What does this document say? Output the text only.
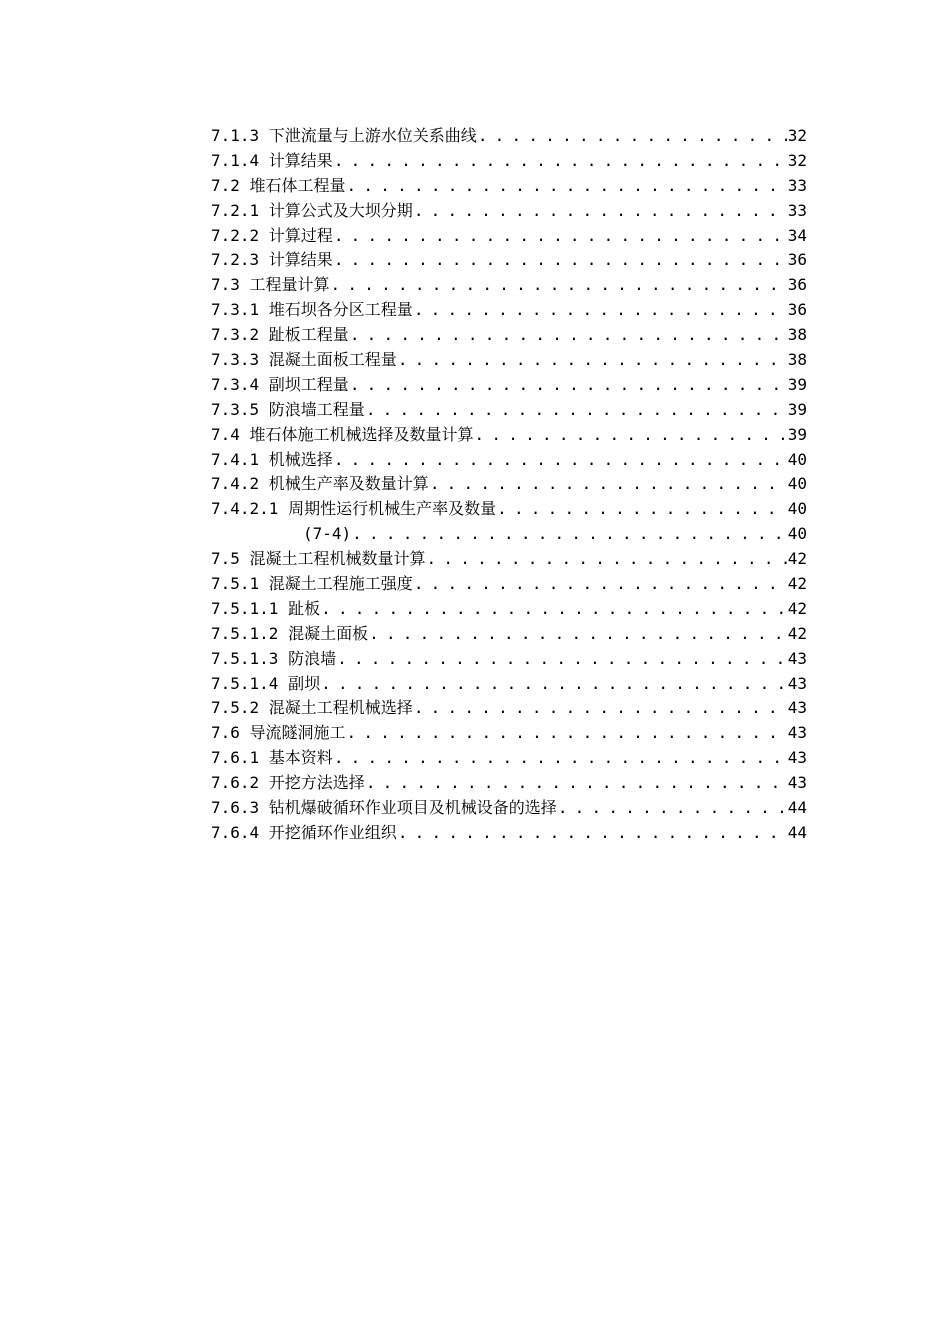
7.1.3 下泄流量与上游水位关系曲线 . . .	32
7.1.4 计算结果 . . .	32
7.2 堆石体工程量 . . .	33
7.2.1 计算公式及大坝分期 . . .	33
7.2.2 计算过程 . . .	34
7.2.3 计算结果 . . .	36
7.3 工程量计算 . . .	36
7.3.1 堆石坝各分区工程量 . . .	36
7.3.2 趾板工程量 . . .	38
7.3.3 混凝土面板工程量 . . .	38
7.3.4 副坝工程量 . . .	39
7.3.5 防浪墙工程量 . . .	39
7.4 堆石体施工机械选择及数量计算 . . .	39
7.4.1 机械选择 . . .	40
7.4.2 机械生产率及数量计算 . . .	40
7.4.2.1 周期性运行机械生产率及数量 . . .	40
(7-4) . . .	40
7.5 混凝土工程机械数量计算 . . .	42
7.5.1 混凝土工程施工强度 . . .	42
7.5.1.1 趾板 . . .	42
7.5.1.2 混凝土面板 . . .	42
7.5.1.3 防浪墙 . . .	43
7.5.1.4 副坝 . . .	43
7.5.2 混凝土工程机械选择 . . .	43
7.6 导流隧洞施工 . . .	43
7.6.1 基本资料 . . .	43
7.6.2 开挖方法选择 . . .	43
7.6.3 钻机爆破循环作业项目及机械设备的选择 . . .	44
7.6.4 开挖循环作业组织 . . .	44
